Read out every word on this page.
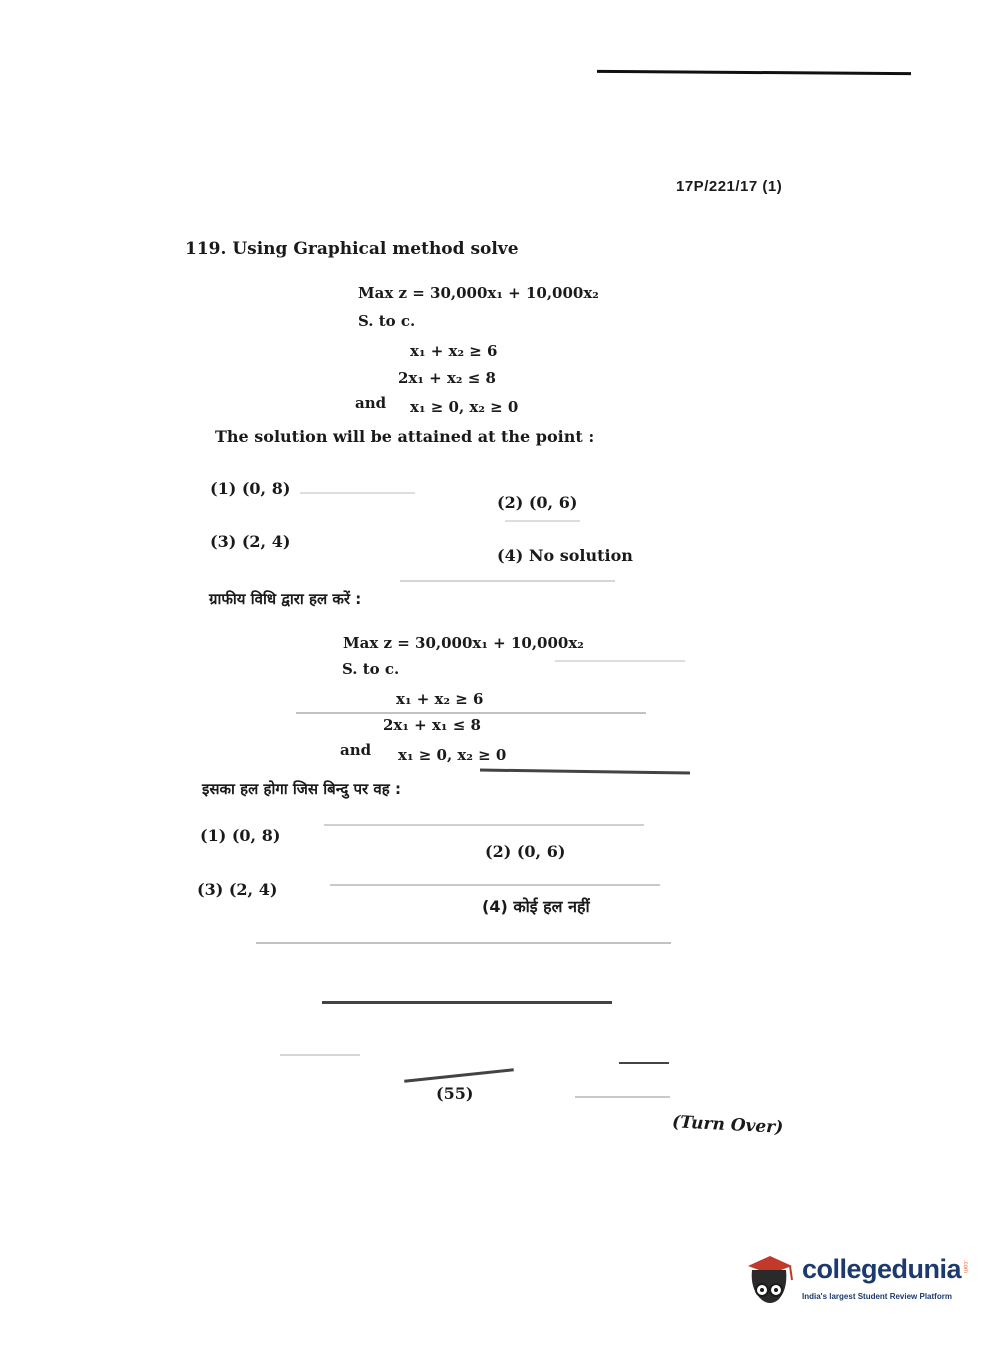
17P/221/17 (1)
119. Using Graphical method solve
Max z = 30,000x₁ + 10,000x₂
S. to c.
x₁ + x₂ ≥ 6
2x₁ + x₂ ≤ 8
and x₁ ≥ 0, x₂ ≥ 0
The solution will be attained at the point :
(1) (0, 8)
(2) (0, 6)
(3) (2, 4)
(4) No solution
ग्राफीय विधि द्वारा हल करें :
Max z = 30,000x₁ + 10,000x₂
S. to c.
x₁ + x₂ ≥ 6
2x₁ + x₁ ≤ 8
and x₁ ≥ 0, x₂ ≥ 0
इसका हल होगा जिस बिन्दु पर वह :
(1) (0, 8)
(2) (0, 6)
(3) (2, 4)
(4) कोई हल नहीं
(55)
(Turn Over)
collegedunia .com
India's largest Student Review Platform
